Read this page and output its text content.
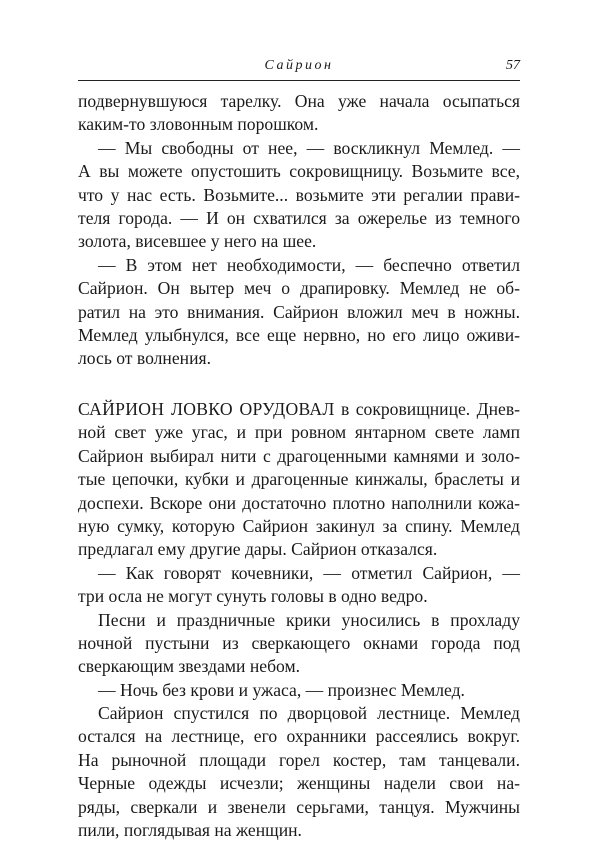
Сайрион	57
подвернувшуюся тарелку. Она уже начала осыпаться
каким-то зловонным порошком.
— Мы свободны от нее, — воскликнул Мемлед. —
А вы можете опустошить сокровищницу. Возьмите все,
что у нас есть. Возьмите... возьмите эти регалии прави-
теля города. — И он схватился за ожерелье из темного
золота, висевшее у него на шее.
— В этом нет необходимости, — беспечно ответил
Сайрион. Он вытер меч о драпировку. Мемлед не об-
ратил на это внимания. Сайрион вложил меч в ножны.
Мемлед улыбнулся, все еще нервно, но его лицо оживи-
лось от волнения.
САЙРИОН ЛОВКО ОРУДОВАЛ в сокровищнице. Днев-
ной свет уже угас, и при ровном янтарном свете ламп
Сайрион выбирал нити с драгоценными камнями и золо-
тые цепочки, кубки и драгоценные кинжалы, браслеты и
доспехи. Вскоре они достаточно плотно наполнили кожа-
ную сумку, которую Сайрион закинул за спину. Мемлед
предлагал ему другие дары. Сайрион отказался.
— Как говорят кочевники, — отметил Сайрион, —
три осла не могут сунуть головы в одно ведро.
Песни и праздничные крики уносились в прохладу
ночной пустыни из сверкающего окнами города под
сверкающим звездами небом.
— Ночь без крови и ужаса, — произнес Мемлед.
Сайрион спустился по дворцовой лестнице. Мемлед
остался на лестнице, его охранники рассеялись вокруг.
На рыночной площади горел костер, там танцевали.
Черные одежды исчезли; женщины надели свои на-
ряды, сверкали и звенели серьгами, танцуя. Мужчины
пили, поглядывая на женщин.
